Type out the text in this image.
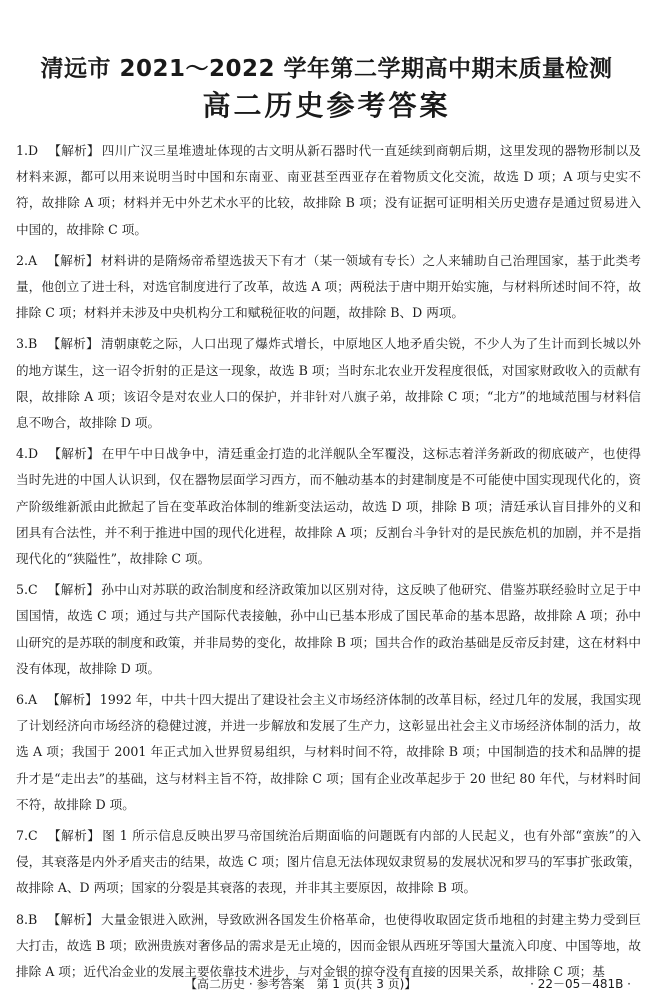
清远市 2021～2022 学年第二学期高中期末质量检测
高二历史参考答案

1.D 【解析】 四川广汉三星堆遗址体现的古文明从新石器时代一直延续到商朝后期，这里发现的器物形制以及材料来源，都可以用来说明当时中国和东南亚、南亚甚至西亚存在着物质文化交流，故选 D 项；A 项与史实不符，故排除 A 项；材料并无中外艺术水平的比较，故排除 B 项；没有证据可证明相关历史遗存是通过贸易进入中国的，故排除 C 项。

2.A 【解析】 材料讲的是隋炀帝希望选拔天下有才（某一领域有专长）之人来辅助自己治理国家，基于此类考量，他创立了进士科，对选官制度进行了改革，故选 A 项；两税法于唐中期开始实施，与材料所述时间不符，故排除 C 项；材料并未涉及中央机构分工和赋税征收的问题，故排除 B、D 两项。

3.B 【解析】 清朝康乾之际，人口出现了爆炸式增长，中原地区人地矛盾尖锐，不少人为了生计而到长城以外的地方谋生，这一诏令折射的正是这一现象，故选 B 项；当时东北农业开发程度很低，对国家财政收入的贡献有限，故排除 A 项；该诏令是对农业人口的保护，并非针对八旗子弟，故排除 C 项；“北方”的地域范围与材料信息不吻合，故排除 D 项。

4.D 【解析】 在甲午中日战争中，清廷重金打造的北洋舰队全军覆没，这标志着洋务新政的彻底破产，也使得当时先进的中国人认识到，仅在器物层面学习西方，而不触动基本的封建制度是不可能使中国实现现代化的，资产阶级维新派由此掀起了旨在变革政治体制的维新变法运动，故选 D 项，排除 B 项；清廷承认盲目排外的义和团具有合法性，并不利于推进中国的现代化进程，故排除 A 项；反割台斗争针对的是民族危机的加剧，并不是指现代化的“狭隘性”，故排除 C 项。

5.C 【解析】 孙中山对苏联的政治制度和经济政策加以区别对待，这反映了他研究、借鉴苏联经验时立足于中国国情，故选 C 项；通过与共产国际代表接触，孙中山已基本形成了国民革命的基本思路，故排除 A 项；孙中山研究的是苏联的制度和政策，并非局势的变化，故排除 B 项；国共合作的政治基础是反帝反封建，这在材料中没有体现，故排除 D 项。

6.A 【解析】 1992 年，中共十四大提出了建设社会主义市场经济体制的改革目标，经过几年的发展，我国实现了计划经济向市场经济的稳健过渡，并进一步解放和发展了生产力，这彰显出社会主义市场经济体制的活力，故选 A 项；我国于 2001 年正式加入世界贸易组织，与材料时间不符，故排除 B 项；中国制造的技术和品牌的提升才是“走出去”的基础，这与材料主旨不符，故排除 C 项；国有企业改革起步于 20 世纪 80 年代，与材料时间不符，故排除 D 项。

7.C 【解析】 图 1 所示信息反映出罗马帝国统治后期面临的问题既有内部的人民起义，也有外部“蛮族”的入侵，其衰落是内外矛盾夹击的结果，故选 C 项；图片信息无法体现奴隶贸易的发展状况和罗马的军事扩张政策，故排除 A、D 两项；国家的分裂是其衰落的表现，并非其主要原因，故排除 B 项。

8.B 【解析】 大量金银进入欧洲，导致欧洲各国发生价格革命，也使得收取固定货币地租的封建主势力受到巨大打击，故选 B 项；欧洲贵族对奢侈品的需求是无止境的，因而金银从西班牙等国大量流入印度、中国等地，故排除 A 项；近代冶金业的发展主要依靠技术进步，与对金银的掠夺没有直接的因果关系，故排除 C 项；基

【高二历史 · 参考答案　第 1 页(共 3 页)】	· 22－05－481B ·
